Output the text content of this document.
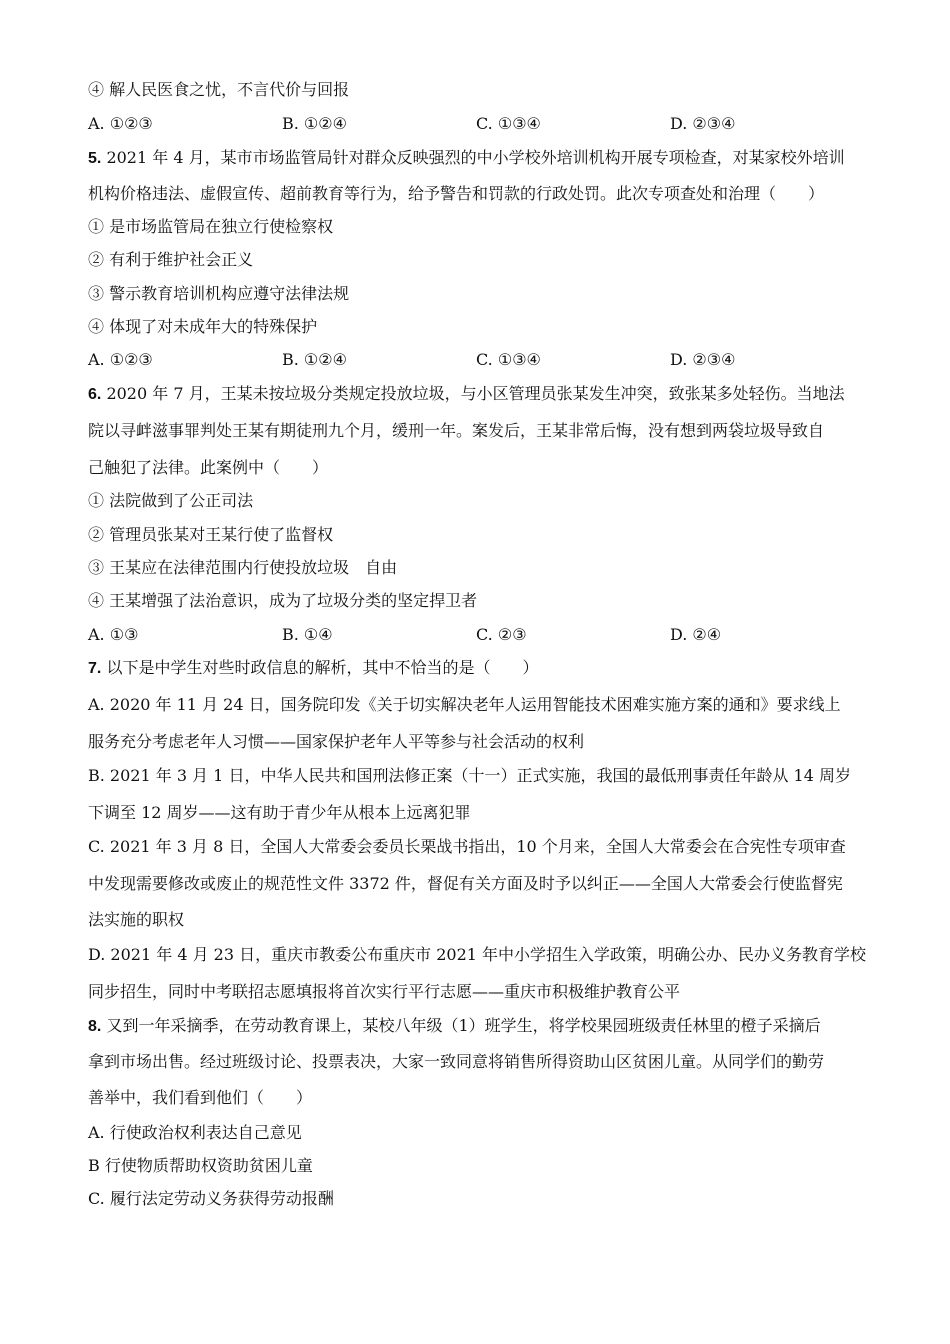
④ 解人民医食之忧，不言代价与回报
A. ①②③	B. ①②④	C. ①③④	D. ②③④
5. 2021 年 4 月，某市市场监管局针对群众反映强烈的中小学校外培训机构开展专项检查，对某家校外培训
机构价格违法、虚假宣传、超前教育等行为，给予警告和罚款的行政处罚。此次专项查处和治理（　　）
① 是市场监管局在独立行使检察权
② 有利于维护社会正义
③ 警示教育培训机构应遵守法律法规
④ 体现了对未成年大的特殊保护
A. ①②③	B. ①②④	C. ①③④	D. ②③④
6. 2020 年 7 月，王某未按垃圾分类规定投放垃圾，与小区管理员张某发生冲突，致张某多处轻伤。当地法
院以寻衅滋事罪判处王某有期徒刑九个月，缓刑一年。案发后，王某非常后悔，没有想到两袋垃圾导致自
己触犯了法律。此案例中（　　）
① 法院做到了公正司法
② 管理员张某对王某行使了监督权
③ 王某应在法律范围内行使投放垃圾　自由
④ 王某增强了法治意识，成为了垃圾分类的坚定捍卫者
A. ①③	B. ①④	C. ②③	D. ②④
7. 以下是中学生对些时政信息的解析，其中不恰当的是（　　）
A. 2020 年 11 月 24 日，国务院印发《关于切实解决老年人运用智能技术困难实施方案的通和》要求线上
服务充分考虑老年人习惯——国家保护老年人平等参与社会活动的权利
B. 2021 年 3 月 1 日，中华人民共和国刑法修正案（十一）正式实施，我国的最低刑事责任年龄从 14 周岁
下调至 12 周岁——这有助于青少年从根本上远离犯罪
C. 2021 年 3 月 8 日，全国人大常委会委员长栗战书指出，10 个月来，全国人大常委会在合宪性专项审查
中发现需要修改或废止的规范性文件 3372 件，督促有关方面及时予以纠正——全国人大常委会行使监督宪
法实施的职权
D. 2021 年 4 月 23 日，重庆市教委公布重庆市 2021 年中小学招生入学政策，明确公办、民办义务教育学校
同步招生，同时中考联招志愿填报将首次实行平行志愿——重庆市积极维护教育公平
8. 又到一年采摘季，在劳动教育课上，某校八年级（1）班学生，将学校果园班级责任林里的橙子采摘后
拿到市场出售。经过班级讨论、投票表决，大家一致同意将销售所得资助山区贫困儿童。从同学们的勤劳
善举中，我们看到他们（　　）
A. 行使政治权利表达自己意见
B 行使物质帮助权资助贫困儿童
C. 履行法定劳动义务获得劳动报酬
